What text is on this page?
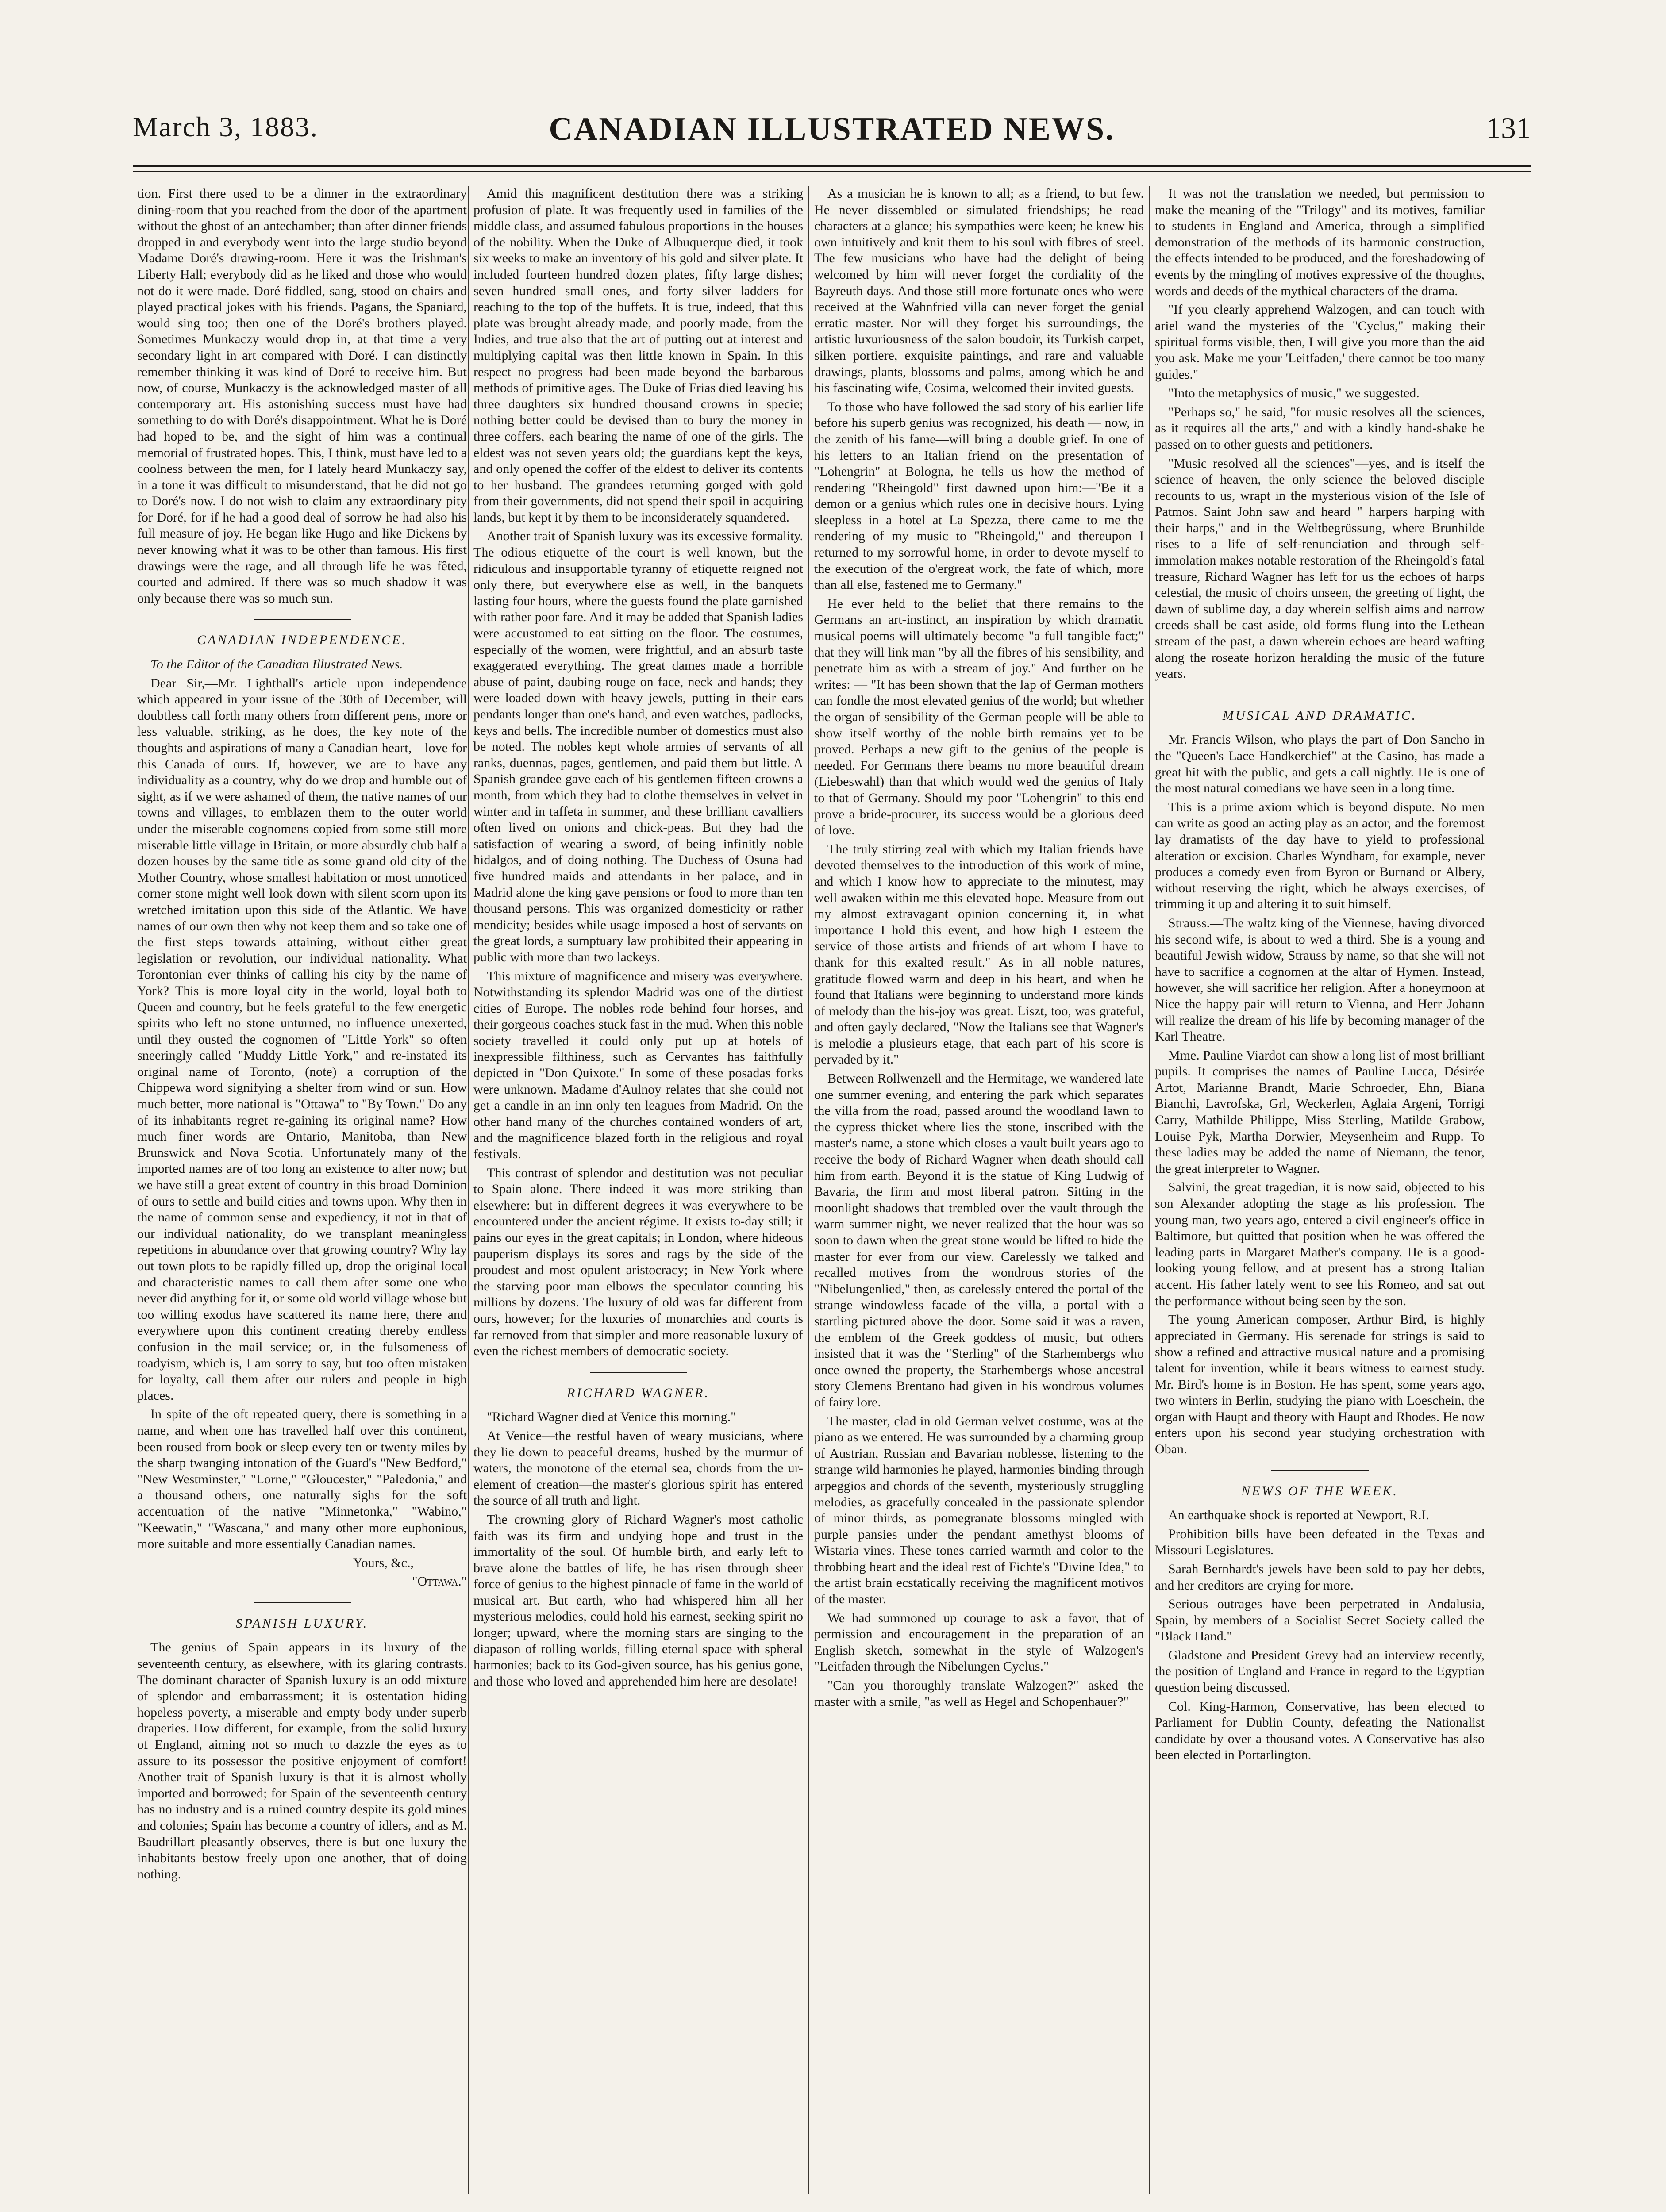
March 3, 1883.	CANADIAN ILLUSTRATED NEWS.	131

tion. First there used to be a dinner in the extraordinary dining-room that you reached from the door of the apartment without the ghost of an antechamber; than after dinner friends dropped in and everybody went into the large studio beyond Madame Doré's drawing-room. Here it was the Irishman's Liberty Hall; everybody did as he liked and those who would not do it were made. Doré fiddled, sang, stood on chairs and played practical jokes with his friends. Pagans, the Spaniard, would sing too; then one of the Doré's brothers played. Sometimes Munkaczy would drop in, at that time a very secondary light in art compared with Doré. I can distinctly remember thinking it was kind of Doré to receive him. But now, of course, Munkaczy is the acknowledged master of all contemporary art. His astonishing success must have had something to do with Doré's disappointment. What he is Doré had hoped to be, and the sight of him was a continual memorial of frustrated hopes. This, I think, must have led to a coolness between the men, for I lately heard Munkaczy say, in a tone it was difficult to misunderstand, that he did not go to Doré's now. I do not wish to claim any extraordinary pity for Doré, for if he had a good deal of sorrow he had also his full measure of joy. He began like Hugo and like Dickens by never knowing what it was to be other than famous. His first drawings were the rage, and all through life he was fêted, courted and admired. If there was so much shadow it was only because there was so much sun.

CANADIAN INDEPENDENCE.

To the Editor of the Canadian Illustrated News.

Dear Sir,—Mr. Lighthall's article upon independence which appeared in your issue of the 30th of December, will doubtless call forth many others from different pens, more or less valuable, striking, as he does, the key note of the thoughts and aspirations of many a Canadian heart,—love for this Canada of ours. If, however, we are to have any individuality as a country, why do we drop and humble out of sight, as if we were ashamed of them, the native names of our towns and villages, to emblazen them to the outer world under the miserable cognomens copied from some still more miserable little village in Britain, or more absurdly club half a dozen houses by the same title as some grand old city of the Mother Country, whose smallest habitation or most unnoticed corner stone might well look down with silent scorn upon its wretched imitation upon this side of the Atlantic. We have names of our own then why not keep them and so take one of the first steps towards attaining, without either great legislation or revolution, our individual nationality. What Torontonian ever thinks of calling his city by the name of York? This is more loyal city in the world, loyal both to Queen and country, but he feels grateful to the few energetic spirits who left no stone unturned, no influence unexerted, until they ousted the cognomen of "Little York" so often sneeringly called "Muddy Little York," and re-instated its original name of Toronto, (note) a corruption of the Chippewa word signifying a shelter from wind or sun. How much better, more national is "Ottawa" to "By Town." Do any of its inhabitants regret re-gaining its original name? How much finer words are Ontario, Manitoba, than New Brunswick and Nova Scotia. Unfortunately many of the imported names are of too long an existence to alter now; but we have still a great extent of country in this broad Dominion of ours to settle and build cities and towns upon. Why then in the name of common sense and expediency, it not in that of our individual nationality, do we transplant meaningless repetitions in abundance over that growing country? Why lay out town plots to be rapidly filled up, drop the original local and characteristic names to call them after some one who never did anything for it, or some old world village whose but too willing exodus have scattered its name here, there and everywhere upon this continent creating thereby endless confusion in the mail service; or, in the fulsomeness of toadyism, which is, I am sorry to say, but too often mistaken for loyalty, call them after our rulers and people in high places.

In spite of the oft repeated query, there is something in a name, and when one has travelled half over this continent, been roused from book or sleep every ten or twenty miles by the sharp twanging intonation of the Guard's "New Bedford," "New Westminster," "Lorne," "Gloucester," "Paledonia," and a thousand others, one naturally sighs for the soft accentuation of the native "Minnetonka," "Wabino," "Keewatin," "Wascana," and many other more euphonious, more suitable and more essentially Canadian names.

Yours, &c.,

"Ottawa."

SPANISH LUXURY.

The genius of Spain appears in its luxury of the seventeenth century, as elsewhere, with its glaring contrasts. The dominant character of Spanish luxury is an odd mixture of splendor and embarrassment; it is ostentation hiding hopeless poverty, a miserable and empty body under superb draperies. How different, for example, from the solid luxury of England, aiming not so much to dazzle the eyes as to assure to its possessor the positive enjoyment of comfort! Another trait of Spanish luxury is that it is almost wholly imported and borrowed; for Spain of the seventeenth century has no industry and is a ruined country despite its gold mines and colonies; Spain has become a country of idlers, and as M. Baudrillart pleasantly observes, there is but one luxury the inhabitants bestow freely upon one another, that of doing nothing.

Amid this magnificent destitution there was a striking profusion of plate. It was frequently used in families of the middle class, and assumed fabulous proportions in the houses of the nobility. When the Duke of Albuquerque died, it took six weeks to make an inventory of his gold and silver plate. It included fourteen hundred dozen plates, fifty large dishes; seven hundred small ones, and forty silver ladders for reaching to the top of the buffets. It is true, indeed, that this plate was brought already made, and poorly made, from the Indies, and true also that the art of putting out at interest and multiplying capital was then little known in Spain. In this respect no progress had been made beyond the barbarous methods of primitive ages. The Duke of Frias died leaving his three daughters six hundred thousand crowns in specie; nothing better could be devised than to bury the money in three coffers, each bearing the name of one of the girls. The eldest was not seven years old; the guardians kept the keys, and only opened the coffer of the eldest to deliver its contents to her husband. The grandees returning gorged with gold from their governments, did not spend their spoil in acquiring lands, but kept it by them to be inconsiderately squandered.

Another trait of Spanish luxury was its excessive formality. The odious etiquette of the court is well known, but the ridiculous and insupportable tyranny of etiquette reigned not only there, but everywhere else as well, in the banquets lasting four hours, where the guests found the plate garnished with rather poor fare. And it may be added that Spanish ladies were accustomed to eat sitting on the floor. The costumes, especially of the women, were frightful, and an absurb taste exaggerated everything. The great dames made a horrible abuse of paint, daubing rouge on face, neck and hands; they were loaded down with heavy jewels, putting in their ears pendants longer than one's hand, and even watches, padlocks, keys and bells. The incredible number of domestics must also be noted. The nobles kept whole armies of servants of all ranks, duennas, pages, gentlemen, and paid them but little. A Spanish grandee gave each of his gentlemen fifteen crowns a month, from which they had to clothe themselves in velvet in winter and in taffeta in summer, and these brilliant cavalliers often lived on onions and chick-peas. But they had the satisfaction of wearing a sword, of being infinitly noble hidalgos, and of doing nothing. The Duchess of Osuna had five hundred maids and attendants in her palace, and in Madrid alone the king gave pensions or food to more than ten thousand persons. This was organized domesticity or rather mendicity; besides while usage imposed a host of servants on the great lords, a sumptuary law prohibited their appearing in public with more than two lackeys.

This mixture of magnificence and misery was everywhere. Notwithstanding its splendor Madrid was one of the dirtiest cities of Europe. The nobles rode behind four horses, and their gorgeous coaches stuck fast in the mud. When this noble society travelled it could only put up at hotels of inexpressible filthiness, such as Cervantes has faithfully depicted in "Don Quixote." In some of these posadas forks were unknown. Madame d'Aulnoy relates that she could not get a candle in an inn only ten leagues from Madrid. On the other hand many of the churches contained wonders of art, and the magnificence blazed forth in the religious and royal festivals.

This contrast of splendor and destitution was not peculiar to Spain alone. There indeed it was more striking than elsewhere: but in different degrees it was everywhere to be encountered under the ancient régime. It exists to-day still; it pains our eyes in the great capitals; in London, where hideous pauperism displays its sores and rags by the side of the proudest and most opulent aristocracy; in New York where the starving poor man elbows the speculator counting his millions by dozens. The luxury of old was far different from ours, however; for the luxuries of monarchies and courts is far removed from that simpler and more reasonable luxury of even the richest members of democratic society.

RICHARD WAGNER.

"Richard Wagner died at Venice this morning."

At Venice—the restful haven of weary musicians, where they lie down to peaceful dreams, hushed by the murmur of waters, the monotone of the eternal sea, chords from the ur-element of creation—the master's glorious spirit has entered the source of all truth and light.

The crowning glory of Richard Wagner's most catholic faith was its firm and undying hope and trust in the immortality of the soul. Of humble birth, and early left to brave alone the battles of life, he has risen through sheer force of genius to the highest pinnacle of fame in the world of musical art. But earth, who had whispered him all her mysterious melodies, could hold his earnest, seeking spirit no longer; upward, where the morning stars are singing to the diapason of rolling worlds, filling eternal space with spheral harmonies; back to its God-given source, has his genius gone, and those who loved and apprehended him here are desolate!

As a musician he is known to all; as a friend, to but few. He never dissembled or simulated friendships; he read characters at a glance; his sympathies were keen; he knew his own intuitively and knit them to his soul with fibres of steel. The few musicians who have had the delight of being welcomed by him will never forget the cordiality of the Bayreuth days. And those still more fortunate ones who were received at the Wahnfried villa can never forget the genial erratic master. Nor will they forget his surroundings, the artistic luxuriousness of the salon boudoir, its Turkish carpet, silken portiere, exquisite paintings, and rare and valuable drawings, plants, blossoms and palms, among which he and his fascinating wife, Cosima, welcomed their invited guests.

To those who have followed the sad story of his earlier life before his superb genius was recognized, his death — now, in the zenith of his fame—will bring a double grief. In one of his letters to an Italian friend on the presentation of "Lohengrin" at Bologna, he tells us how the method of rendering "Rheingold" first dawned upon him:—"Be it a demon or a genius which rules one in decisive hours. Lying sleepless in a hotel at La Spezza, there came to me the rendering of my music to "Rheingold," and thereupon I returned to my sorrowful home, in order to devote myself to the execution of the o'ergreat work, the fate of which, more than all else, fastened me to Germany."

He ever held to the belief that there remains to the Germans an art-instinct, an inspiration by which dramatic musical poems will ultimately become "a full tangible fact;" that they will link man "by all the fibres of his sensibility, and penetrate him as with a stream of joy." And further on he writes: — "It has been shown that the lap of German mothers can fondle the most elevated genius of the world; but whether the organ of sensibility of the German people will be able to show itself worthy of the noble birth remains yet to be proved. Perhaps a new gift to the genius of the people is needed. For Germans there beams no more beautiful dream (Liebeswahl) than that which would wed the genius of Italy to that of Germany. Should my poor "Lohengrin" to this end prove a bride-procurer, its success would be a glorious deed of love.

The truly stirring zeal with which my Italian friends have devoted themselves to the introduction of this work of mine, and which I know how to appreciate to the minutest, may well awaken within me this elevated hope. Measure from out my almost extravagant opinion concerning it, in what importance I hold this event, and how high I esteem the service of those artists and friends of art whom I have to thank for this exalted result." As in all noble natures, gratitude flowed warm and deep in his heart, and when he found that Italians were beginning to understand more kinds of melody than the his-joy was great. Liszt, too, was grateful, and often gayly declared, "Now the Italians see that Wagner's is melodie a plusieurs etage, that each part of his score is pervaded by it."

Between Rollwenzell and the Hermitage, we wandered late one summer evening, and entering the park which separates the villa from the road, passed around the woodland lawn to the cypress thicket where lies the stone, inscribed with the master's name, a stone which closes a vault built years ago to receive the body of Richard Wagner when death should call him from earth. Beyond it is the statue of King Ludwig of Bavaria, the firm and most liberal patron. Sitting in the moonlight shadows that trembled over the vault through the warm summer night, we never realized that the hour was so soon to dawn when the great stone would be lifted to hide the master for ever from our view. Carelessly we talked and recalled motives from the wondrous stories of the "Nibelungenlied," then, as carelessly entered the portal of the strange windowless facade of the villa, a portal with a startling pictured above the door. Some said it was a raven, the emblem of the Greek goddess of music, but others insisted that it was the "Sterling" of the Starhembergs who once owned the property, the Starhembergs whose ancestral story Clemens Brentano had given in his wondrous volumes of fairy lore.

The master, clad in old German velvet costume, was at the piano as we entered. He was surrounded by a charming group of Austrian, Russian and Bavarian noblesse, listening to the strange wild harmonies he played, harmonies binding through arpeggios and chords of the seventh, mysteriously struggling melodies, as gracefully concealed in the passionate splendor of minor thirds, as pomegranate blossoms mingled with purple pansies under the pendant amethyst blooms of Wistaria vines. These tones carried warmth and color to the throbbing heart and the ideal rest of Fichte's "Divine Idea," to the artist brain ecstatically receiving the magnificent motivos of the master.

We had summoned up courage to ask a favor, that of permission and encouragement in the preparation of an English sketch, somewhat in the style of Walzogen's "Leitfaden through the Nibelungen Cyclus."

"Can you thoroughly translate Walzogen?" asked the master with a smile, "as well as Hegel and Schopenhauer?"

It was not the translation we needed, but permission to make the meaning of the "Trilogy" and its motives, familiar to students in England and America, through a simplified demonstration of the methods of its harmonic construction, the effects intended to be produced, and the foreshadowing of events by the mingling of motives expressive of the thoughts, words and deeds of the mythical characters of the drama.

"If you clearly apprehend Walzogen, and can touch with ariel wand the mysteries of the "Cyclus," making their spiritual forms visible, then, I will give you more than the aid you ask. Make me your 'Leitfaden,' there cannot be too many guides."

"Into the metaphysics of music," we suggested.

"Perhaps so," he said, "for music resolves all the sciences, as it requires all the arts," and with a kindly hand-shake he passed on to other guests and petitioners.

"Music resolved all the sciences"—yes, and is itself the science of heaven, the only science the beloved disciple recounts to us, wrapt in the mysterious vision of the Isle of Patmos. Saint John saw and heard " harpers harping with their harps," and in the Weltbegrüssung, where Brunhilde rises to a life of self-renunciation and through self-immolation makes notable restoration of the Rheingold's fatal treasure, Richard Wagner has left for us the echoes of harps celestial, the music of choirs unseen, the greeting of light, the dawn of sublime day, a day wherein selfish aims and narrow creeds shall be cast aside, old forms flung into the Lethean stream of the past, a dawn wherein echoes are heard wafting along the roseate horizon heralding the music of the future years.

MUSICAL AND DRAMATIC.

Mr. Francis Wilson, who plays the part of Don Sancho in the "Queen's Lace Handkerchief" at the Casino, has made a great hit with the public, and gets a call nightly. He is one of the most natural comedians we have seen in a long time.

This is a prime axiom which is beyond dispute. No men can write as good an acting play as an actor, and the foremost lay dramatists of the day have to yield to professional alteration or excision. Charles Wyndham, for example, never produces a comedy even from Byron or Burnand or Albery, without reserving the right, which he always exercises, of trimming it up and altering it to suit himself.

Strauss.—The waltz king of the Viennese, having divorced his second wife, is about to wed a third. She is a young and beautiful Jewish widow, Strauss by name, so that she will not have to sacrifice a cognomen at the altar of Hymen. Instead, however, she will sacrifice her religion. After a honeymoon at Nice the happy pair will return to Vienna, and Herr Johann will realize the dream of his life by becoming manager of the Karl Theatre.

Mme. Pauline Viardot can show a long list of most brilliant pupils. It comprises the names of Pauline Lucca, Désirée Artot, Marianne Brandt, Marie Schroeder, Ehn, Biana Bianchi, Lavrofska, Grl, Weckerlen, Aglaia Argeni, Torrigi Carry, Mathilde Philippe, Miss Sterling, Matilde Grabow, Louise Pyk, Martha Dorwier, Meysenheim and Rupp. To these ladies may be added the name of Niemann, the tenor, the great interpreter to Wagner.

Salvini, the great tragedian, it is now said, objected to his son Alexander adopting the stage as his profession. The young man, two years ago, entered a civil engineer's office in Baltimore, but quitted that position when he was offered the leading parts in Margaret Mather's company. He is a good-looking young fellow, and at present has a strong Italian accent. His father lately went to see his Romeo, and sat out the performance without being seen by the son.

The young American composer, Arthur Bird, is highly appreciated in Germany. His serenade for strings is said to show a refined and attractive musical nature and a promising talent for invention, while it bears witness to earnest study. Mr. Bird's home is in Boston. He has spent, some years ago, two winters in Berlin, studying the piano with Loeschein, the organ with Haupt and theory with Haupt and Rhodes. He now enters upon his second year studying orchestration with Oban.

NEWS OF THE WEEK.

An earthquake shock is reported at Newport, R.I.

Prohibition bills have been defeated in the Texas and Missouri Legislatures.

Sarah Bernhardt's jewels have been sold to pay her debts, and her creditors are crying for more.

Serious outrages have been perpetrated in Andalusia, Spain, by members of a Socialist Secret Society called the "Black Hand."

Gladstone and President Grevy had an interview recently, the position of England and France in regard to the Egyptian question being discussed.

Col. King-Harmon, Conservative, has been elected to Parliament for Dublin County, defeating the Nationalist candidate by over a thousand votes. A Conservative has also been elected in Portarlington.
